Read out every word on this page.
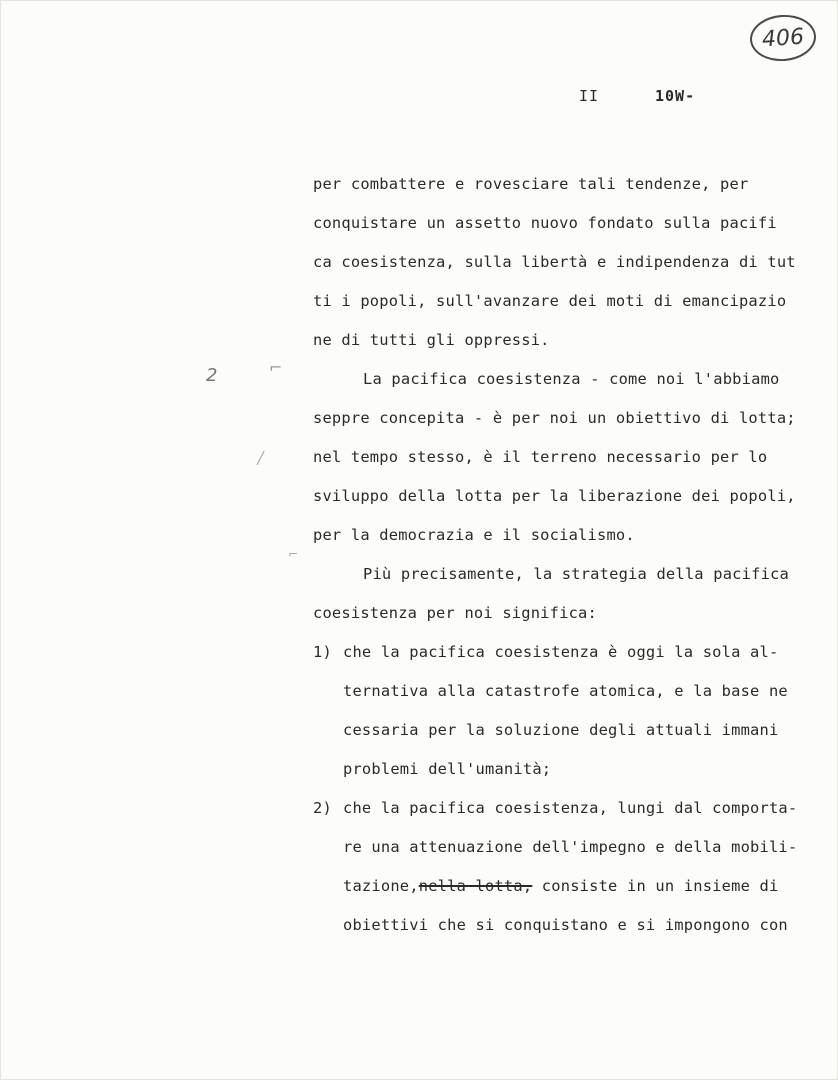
406
II	10W-
2	⌐
╱
⌐
per combattere e rovesciare tali tendenze, per
conquistare un assetto nuovo fondato sulla pacifi
ca coesistenza, sulla libertà e indipendenza di tut
ti i popoli, sull'avanzare dei moti di emancipazio
ne di tutti gli oppressi.
La pacifica coesistenza - come noi l'abbiamo
seppre concepita - è per noi un obiettivo di lotta;
nel tempo stesso, è il terreno necessario per lo
sviluppo della lotta per la liberazione dei popoli,
per la democrazia e il socialismo.
Più precisamente, la strategia della pacifica
coesistenza per noi significa:
1) che la pacifica coesistenza è oggi la sola al-
ternativa alla catastrofe atomica, e la base ne
cessaria per la soluzione degli attuali immani
problemi dell'umanità;
2) che la pacifica coesistenza, lungi dal comporta-
re una attenuazione dell'impegno e della mobili-
tazione,nella lotta, consiste in un insieme di
obiettivi che si conquistano e si impongono con
